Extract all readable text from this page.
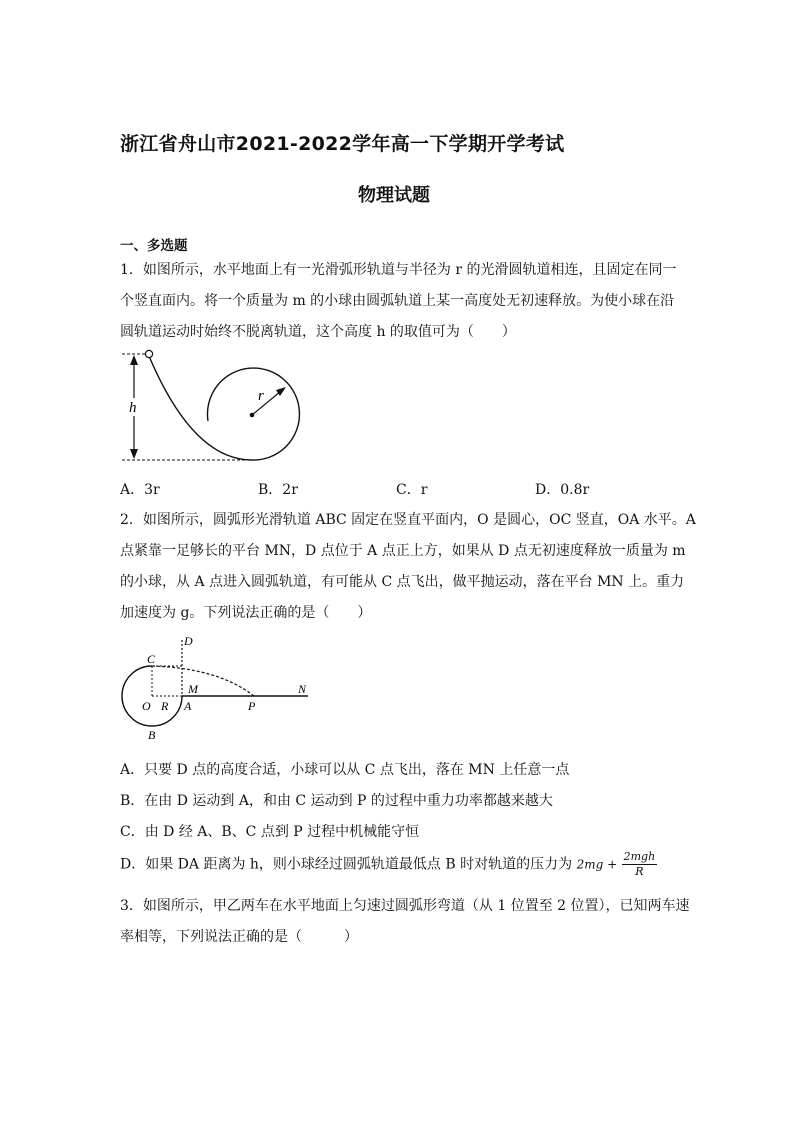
浙江省舟山市2021-2022学年高一下学期开学考试
物理试题
一、多选题
1．如图所示，水平地面上有一光滑弧形轨道与半径为 r 的光滑圆轨道相连，且固定在同一
个竖直面内。将一个质量为 m 的小球由圆弧轨道上某一高度处无初速释放。为使小球在沿
圆轨道运动时始终不脱离轨道，这个高度 h 的取值可为（　　）
h
r
A．3r	B．2r	C．r	D．0.8r
2．如图所示，圆弧形光滑轨道 ABC 固定在竖直平面内，O 是圆心，OC 竖直，OA 水平。A
点紧靠一足够长的平台 MN，D 点位于 A 点正上方，如果从 D 点无初速度释放一质量为 m
的小球，从 A 点进入圆弧轨道，有可能从 C 点飞出，做平抛运动，落在平台 MN 上。重力
加速度为 g。下列说法正确的是（　　）
D
C
M	N
O R A	P
B
A．只要 D 点的高度合适，小球可以从 C 点飞出，落在 MN 上任意一点
B．在由 D 运动到 A，和由 C 运动到 P 的过程中重力功率都越来越大
C．由 D 经 A、B、C 点到 P 过程中机械能守恒
D．如果 DA 距离为 h，则小球经过圆弧轨道最低点 B 时对轨道的压力为 $2mg + \frac{\text{2mgh}}{R}$
3．如图所示，甲乙两车在水平地面上匀速过圆弧形弯道（从 1 位置至 2 位置），已知两车速
率相等，下列说法正确的是（　　　）
